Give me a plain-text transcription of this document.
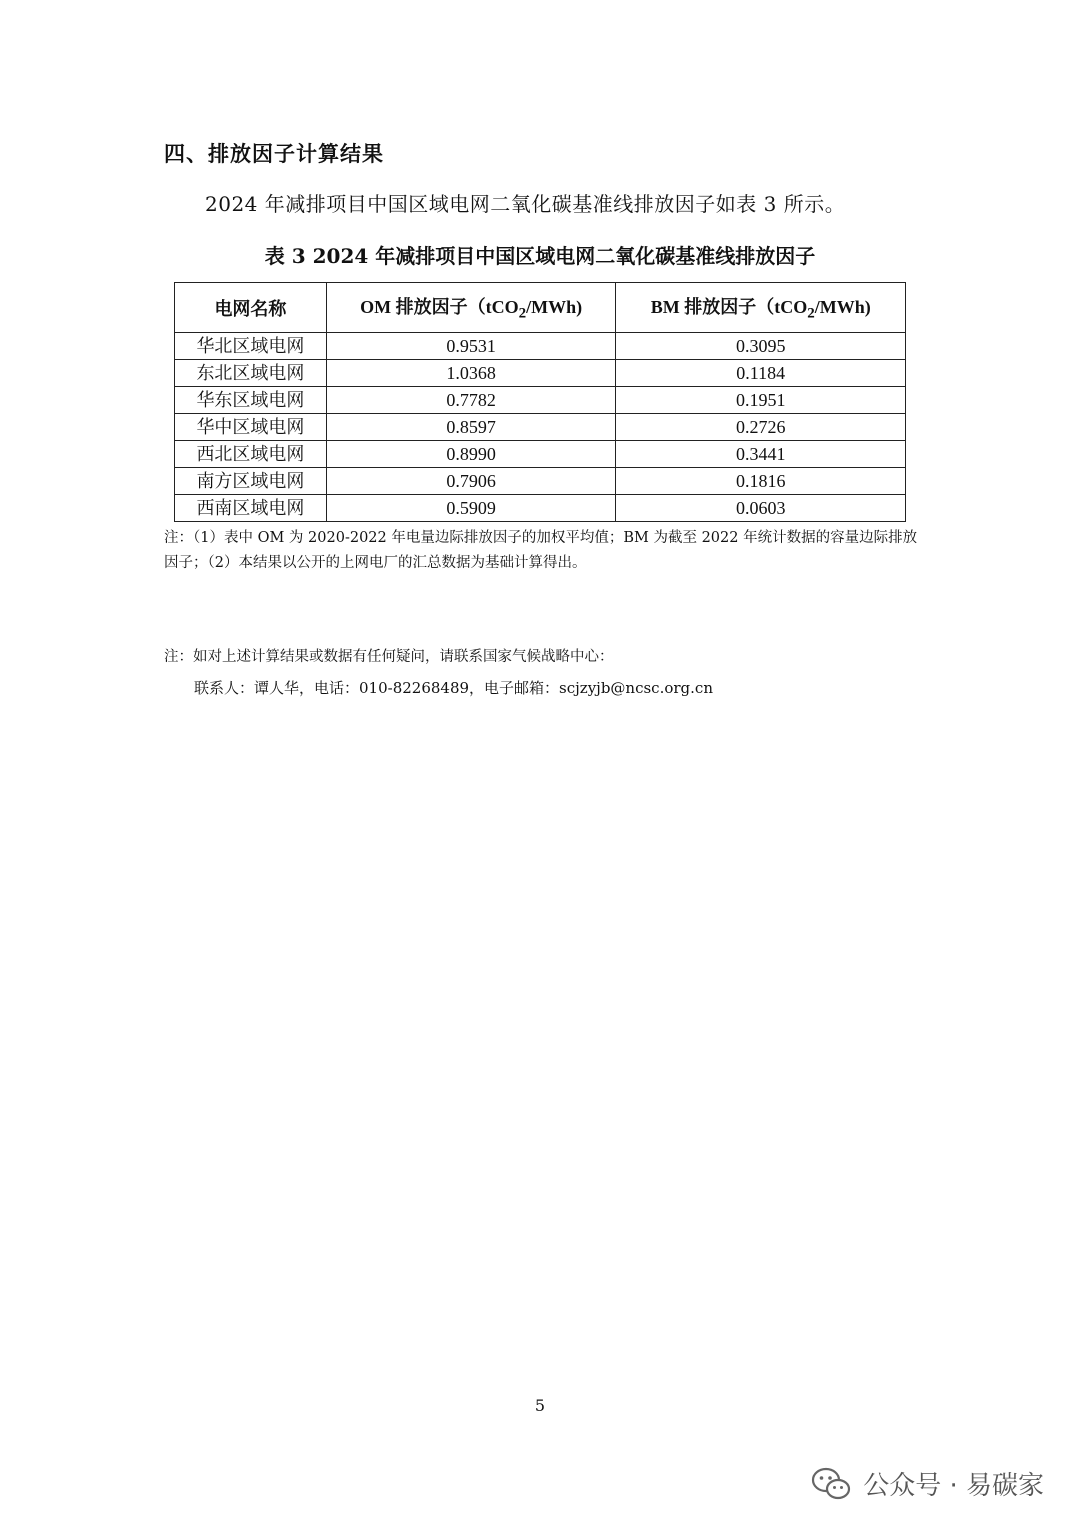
四、排放因子计算结果
2024 年减排项目中国区域电网二氧化碳基准线排放因子如表 3 所示。
表 3 2024 年减排项目中国区域电网二氧化碳基准线排放因子
电网名称	OM 排放因子（tCO$_2$/MWh)	BM 排放因子（tCO$_2$/MWh)
华北区域电网	0.9531	0.3095
东北区域电网	1.0368	0.1184
华东区域电网	0.7782	0.1951
华中区域电网	0.8597	0.2726
西北区域电网	0.8990	0.3441
南方区域电网	0.7906	0.1816
西南区域电网	0.5909	0.0603
注：（1）表中 OM 为 2020-2022 年电量边际排放因子的加权平均值；BM 为截至 2022 年统计数据的容量边际排放因子；（2）本结果以公开的上网电厂的汇总数据为基础计算得出。
注：如对上述计算结果或数据有任何疑问，请联系国家气候战略中心：
联系人：谭人华，电话：010-82268489，电子邮箱：scjzyjb@ncsc.org.cn
5
公众号 · 易碳家
